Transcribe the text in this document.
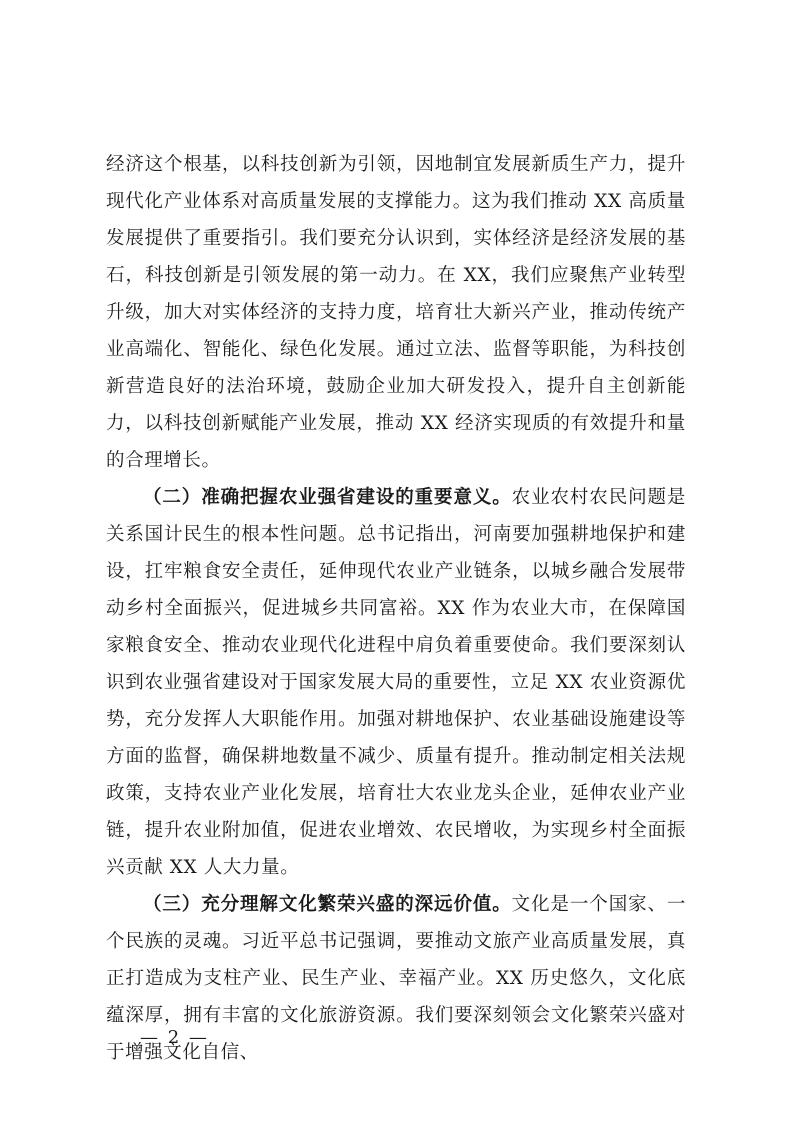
经济这个根基，以科技创新为引领，因地制宜发展新质生产力，提升现代化产业体系对高质量发展的支撑能力。这为我们推动 XX 高质量发展提供了重要指引。我们要充分认识到，实体经济是经济发展的基石，科技创新是引领发展的第一动力。在 XX，我们应聚焦产业转型升级，加大对实体经济的支持力度，培育壮大新兴产业，推动传统产业高端化、智能化、绿色化发展。通过立法、监督等职能，为科技创新营造良好的法治环境，鼓励企业加大研发投入，提升自主创新能力，以科技创新赋能产业发展，推动 XX 经济实现质的有效提升和量的合理增长。

（二）准确把握农业强省建设的重要意义。农业农村农民问题是关系国计民生的根本性问题。总书记指出，河南要加强耕地保护和建设，扛牢粮食安全责任，延伸现代农业产业链条，以城乡融合发展带动乡村全面振兴，促进城乡共同富裕。XX 作为农业大市，在保障国家粮食安全、推动农业现代化进程中肩负着重要使命。我们要深刻认识到农业强省建设对于国家发展大局的重要性，立足 XX 农业资源优势，充分发挥人大职能作用。加强对耕地保护、农业基础设施建设等方面的监督，确保耕地数量不减少、质量有提升。推动制定相关法规政策，支持农业产业化发展，培育壮大农业龙头企业，延伸农业产业链，提升农业附加值，促进农业增效、农民增收，为实现乡村全面振兴贡献 XX 人大力量。

（三）充分理解文化繁荣兴盛的深远价值。文化是一个国家、一个民族的灵魂。习近平总书记强调，要推动文旅产业高质量发展，真正打造成为支柱产业、民生产业、幸福产业。XX 历史悠久，文化底蕴深厚，拥有丰富的文化旅游资源。我们要深刻领会文化繁荣兴盛对于增强文化自信、

— 2 —
